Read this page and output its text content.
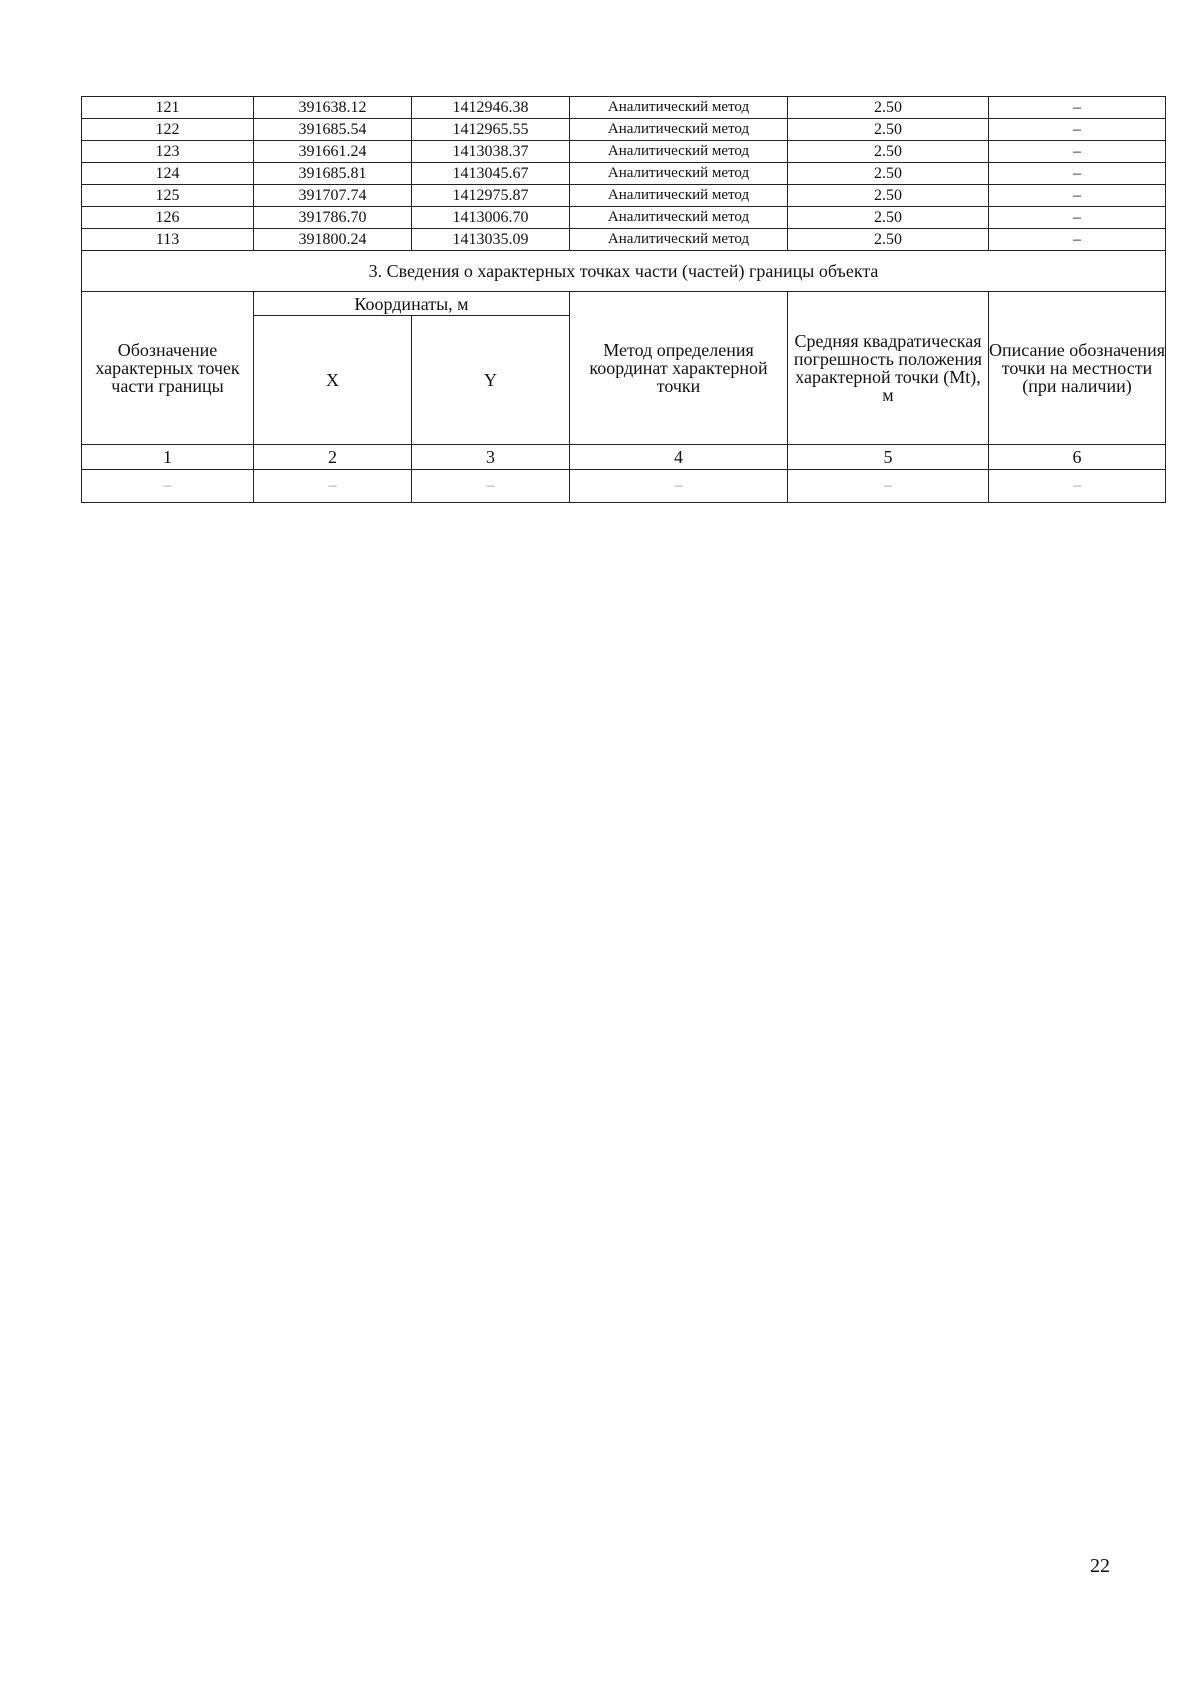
121	391638.12	1412946.38	Аналитический метод	2.50	–
122	391685.54	1412965.55	Аналитический метод	2.50	–
123	391661.24	1413038.37	Аналитический метод	2.50	–
124	391685.81	1413045.67	Аналитический метод	2.50	–
125	391707.74	1412975.87	Аналитический метод	2.50	–
126	391786.70	1413006.70	Аналитический метод	2.50	–
113	391800.24	1413035.09	Аналитический метод	2.50	–
3. Сведения о характерных точках части (частей) границы объекта					
Обозначение характерных точек части границы	Координаты, м		Метод определения координат характерной точки	Средняя квадратическая погрешность положения характерной точки (Mt), м	Описание обозначения точки на местности (при наличии)
	X	Y			
1	2	3	4	5	6
–	–	–	–	–	–
22
